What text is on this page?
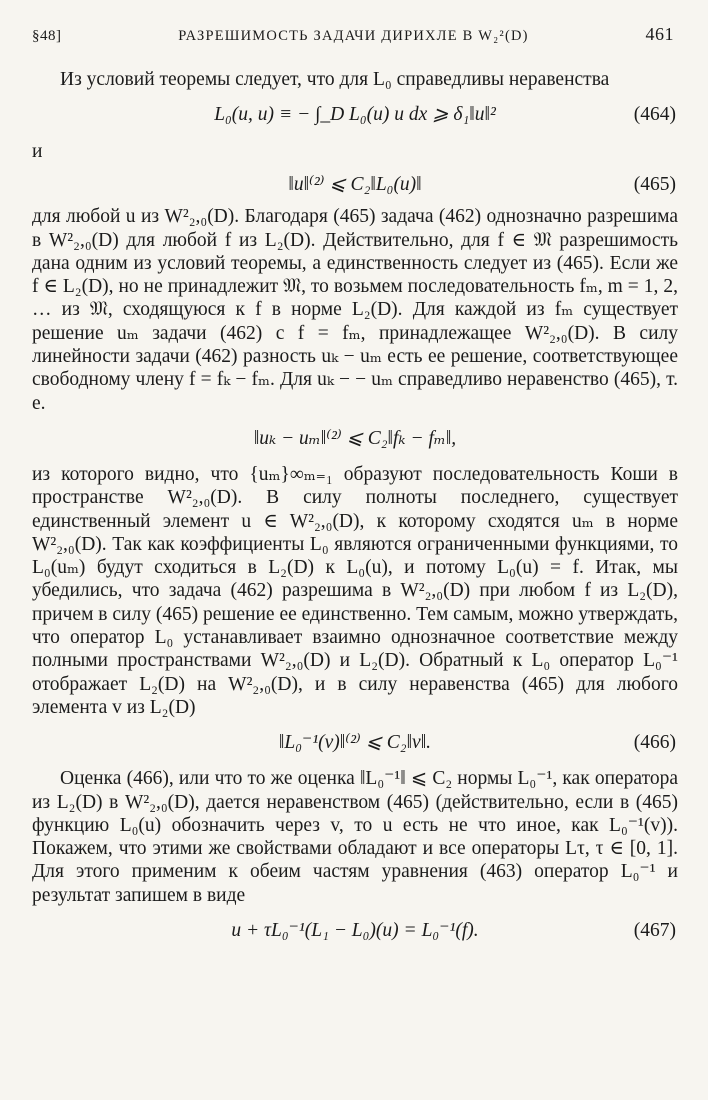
§48]	РАЗРЕШИМОСТЬ ЗАДАЧИ ДИРИХЛЕ В W₂²(D)	461

Из условий теоремы следует, что для L₀ справедливы неравенства

L₀(u, u) ≡ − ∫_D L₀(u) u dx ⩾ δ₁‖u‖²	(464)

и

‖u‖⁽²⁾ ⩽ C₂‖L₀(u)‖	(465)

для любой u из W²₂,₀(D). Благодаря (465) задача (462) однозначно разрешима в W²₂,₀(D) для любой f из L₂(D). Действительно, для f ∈ 𝔐 разрешимость дана одним из условий теоремы, а единственность следует из (465). Если же f ∈ L₂(D), но не принадлежит 𝔐, то возьмем последовательность fₘ, m = 1, 2, … из 𝔐, сходящуюся к f в норме L₂(D). Для каждой из fₘ существует решение uₘ задачи (462) с f = fₘ, принадлежащее W²₂,₀(D). В силу линейности задачи (462) разность uₖ − uₘ есть ее решение, соответствующее свободному члену f = fₖ − fₘ. Для uₖ − − uₘ справедливо неравенство (465), т. е.

‖uₖ − uₘ‖⁽²⁾ ⩽ C₂‖fₖ − fₘ‖,

из которого видно, что {uₘ}∞ₘ₌₁ образуют последовательность Коши в пространстве W²₂,₀(D). В силу полноты последнего, существует единственный элемент u ∈ W²₂,₀(D), к которому сходятся uₘ в норме W²₂,₀(D). Так как коэффициенты L₀ являются ограниченными функциями, то L₀(uₘ) будут сходиться в L₂(D) к L₀(u), и потому L₀(u) = f. Итак, мы убедились, что задача (462) разрешима в W²₂,₀(D) при любом f из L₂(D), причем в силу (465) решение ее единственно. Тем самым, можно утверждать, что оператор L₀ устанавливает взаимно однозначное соответствие между полными пространствами W²₂,₀(D) и L₂(D). Обратный к L₀ оператор L₀⁻¹ отображает L₂(D) на W²₂,₀(D), и в силу неравенства (465) для любого элемента v из L₂(D)

‖L₀⁻¹(v)‖⁽²⁾ ⩽ C₂‖v‖.	(466)

Оценка (466), или что то же оценка ‖L₀⁻¹‖ ⩽ C₂ нормы L₀⁻¹, как оператора из L₂(D) в W²₂,₀(D), дается неравенством (465) (действительно, если в (465) функцию L₀(u) обозначить через v, то u есть не что иное, как L₀⁻¹(v)). Покажем, что этими же свойствами обладают и все операторы Lτ, τ ∈ [0, 1]. Для этого применим к обеим частям уравнения (463) оператор L₀⁻¹ и результат запишем в виде

u + τL₀⁻¹(L₁ − L₀)(u) = L₀⁻¹(f).	(467)
